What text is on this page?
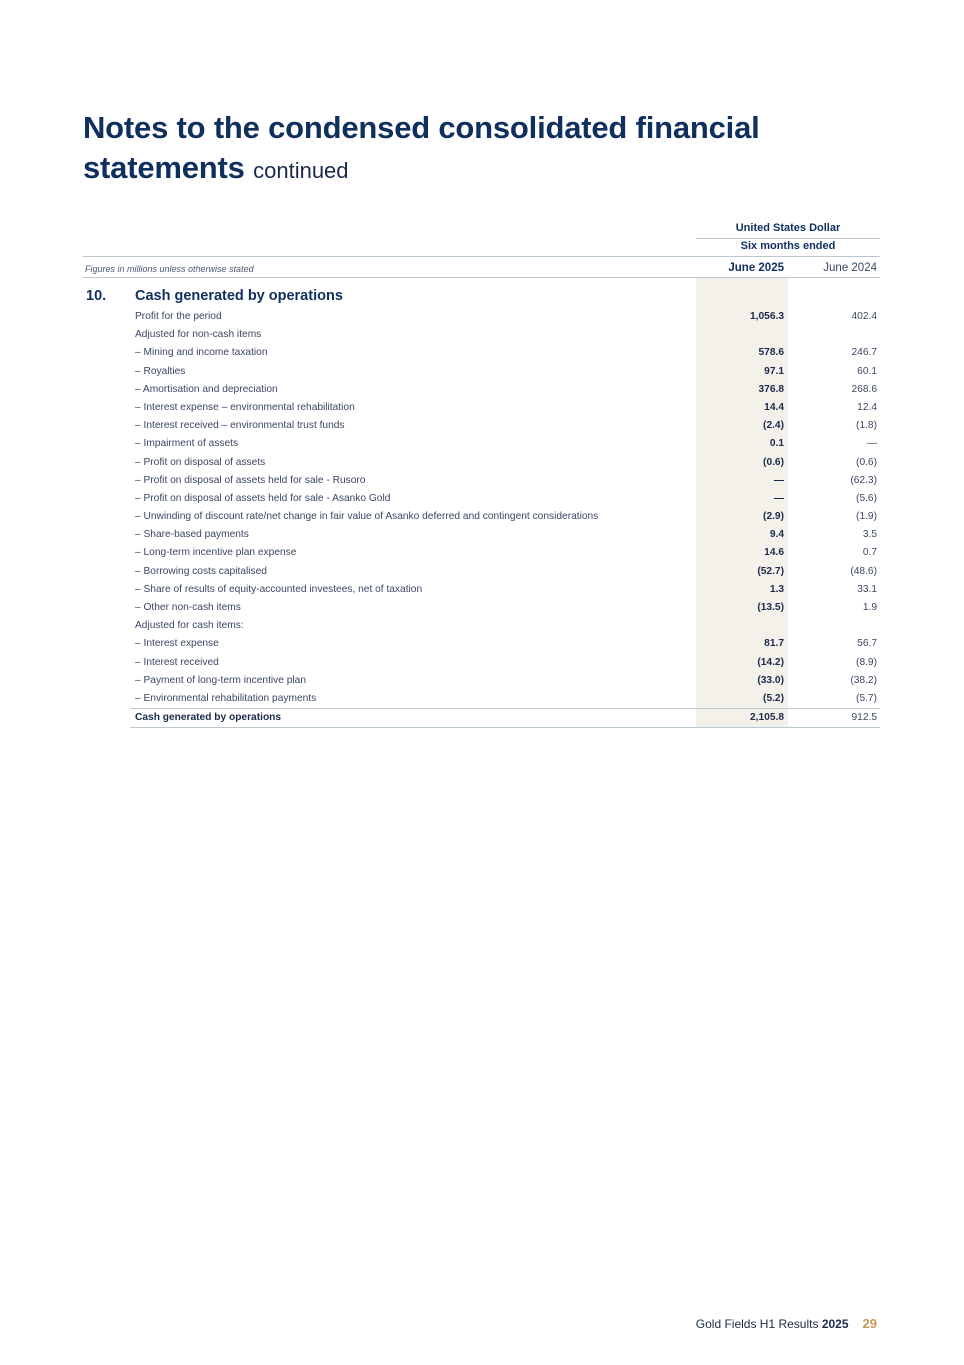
Notes to the condensed consolidated financial statements continued
United States Dollar
Six months ended
Figures in millions unless otherwise stated	June 2025	June 2024
10. Cash generated by operations
Profit for the period	1,056.3	402.4
Adjusted for non-cash items
– Mining and income taxation	578.6	246.7
– Royalties	97.1	60.1
– Amortisation and depreciation	376.8	268.6
– Interest expense – environmental rehabilitation	14.4	12.4
– Interest received – environmental trust funds	(2.4)	(1.8)
– Impairment of assets	0.1	—
– Profit on disposal of assets	(0.6)	(0.6)
– Profit on disposal of assets held for sale - Rusoro	—	(62.3)
– Profit on disposal of assets held for sale - Asanko Gold	—	(5.6)
– Unwinding of discount rate/net change in fair value of Asanko deferred and contingent considerations	(2.9)	(1.9)
– Share-based payments	9.4	3.5
– Long-term incentive plan expense	14.6	0.7
– Borrowing costs capitalised	(52.7)	(48.6)
– Share of results of equity-accounted investees, net of taxation	1.3	33.1
– Other non-cash items	(13.5)	1.9
Adjusted for cash items:
– Interest expense	81.7	56.7
– Interest received	(14.2)	(8.9)
– Payment of long-term incentive plan	(33.0)	(38.2)
– Environmental rehabilitation payments	(5.2)	(5.7)
Cash generated by operations	2,105.8	912.5
Gold Fields H1 Results 2025 29
